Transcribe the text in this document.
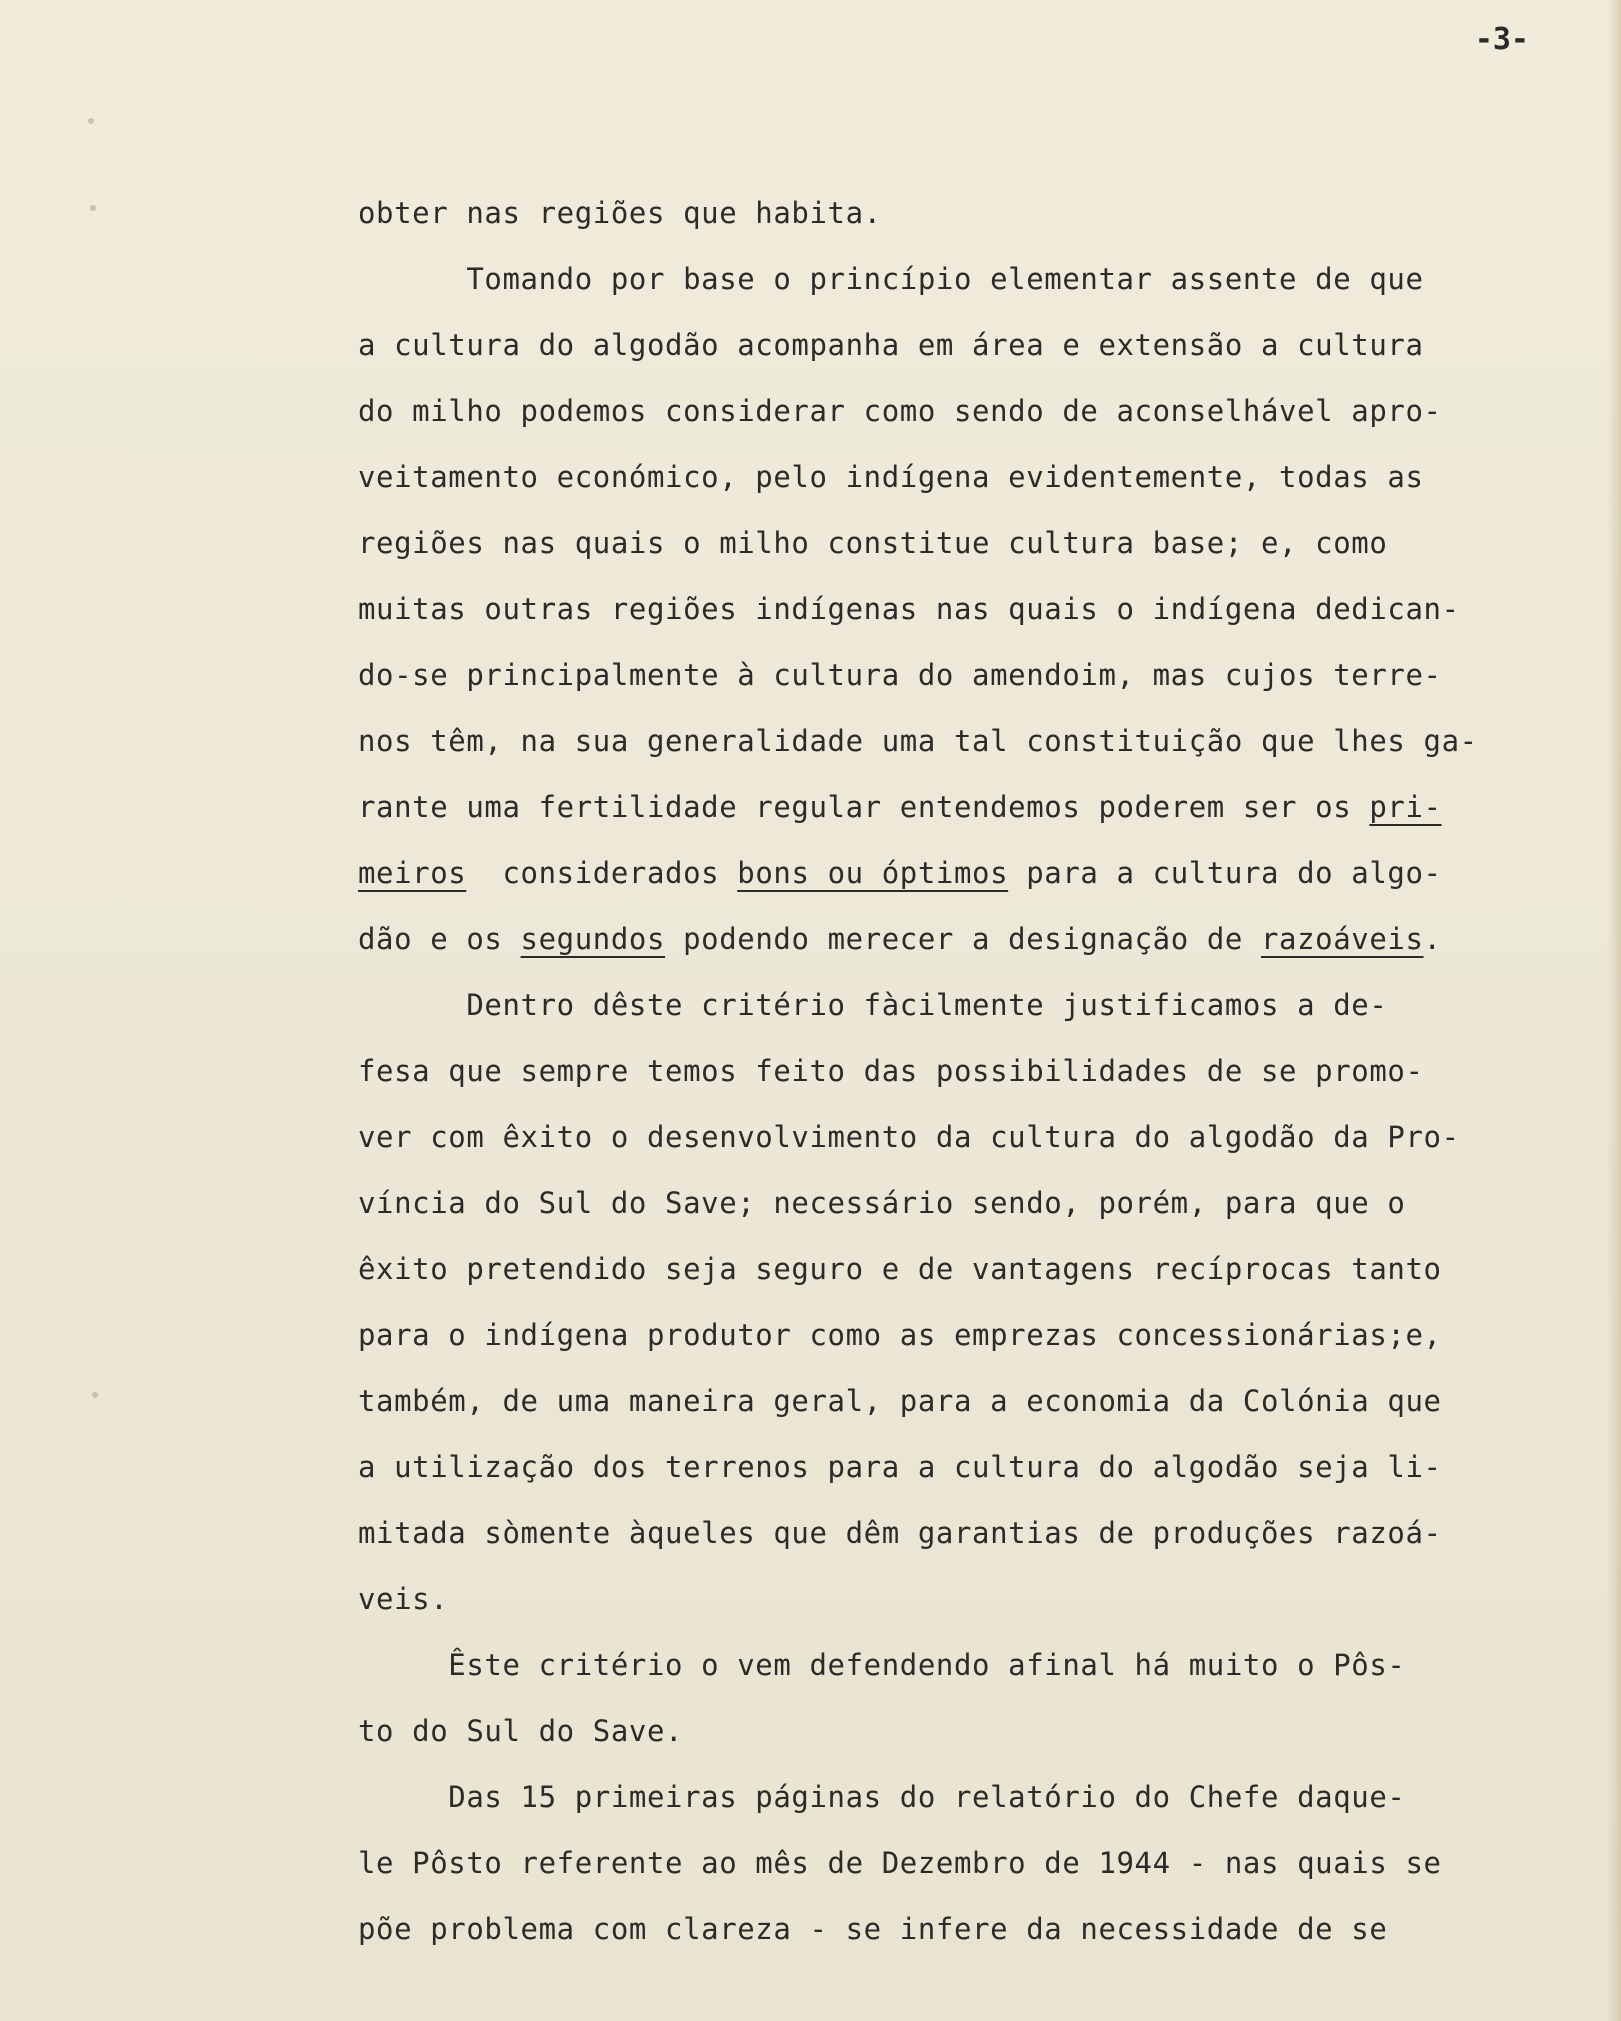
-3-

obter nas regiões que habita.
Tomando por base o princípio elementar assente de que
a cultura do algodão acompanha em área e extensão a cultura
do milho podemos considerar como sendo de aconselhável apro-
veitamento económico, pelo indígena evidentemente, todas as
regiões nas quais o milho constitue cultura base; e, como
muitas outras regiões indígenas nas quais o indígena dedican-
do-se principalmente à cultura do amendoim, mas cujos terre-
nos têm, na sua generalidade uma tal constituição que lhes ga-
rante uma fertilidade regular entendemos poderem ser os pri-
meiros  considerados bons ou óptimos para a cultura do algo-
dão e os segundos podendo merecer a designação de razoáveis.
Dentro dêste critério fàcilmente justificamos a de-
fesa que sempre temos feito das possibilidades de se promo-
ver com êxito o desenvolvimento da cultura do algodão da Pro-
víncia do Sul do Save; necessário sendo, porém, para que o
êxito pretendido seja seguro e de vantagens recíprocas tanto
para o indígena produtor como as emprezas concessionárias;e,
também, de uma maneira geral, para a economia da Colónia que
a utilização dos terrenos para a cultura do algodão seja li-
mitada sòmente àqueles que dêm garantias de produções razoá-
veis.
Êste critério o vem defendendo afinal há muito o Pôs-
to do Sul do Save.
Das 15 primeiras páginas do relatório do Chefe daque-
le Pôsto referente ao mês de Dezembro de 1944 - nas quais se
põe problema com clareza - se infere da necessidade de se
